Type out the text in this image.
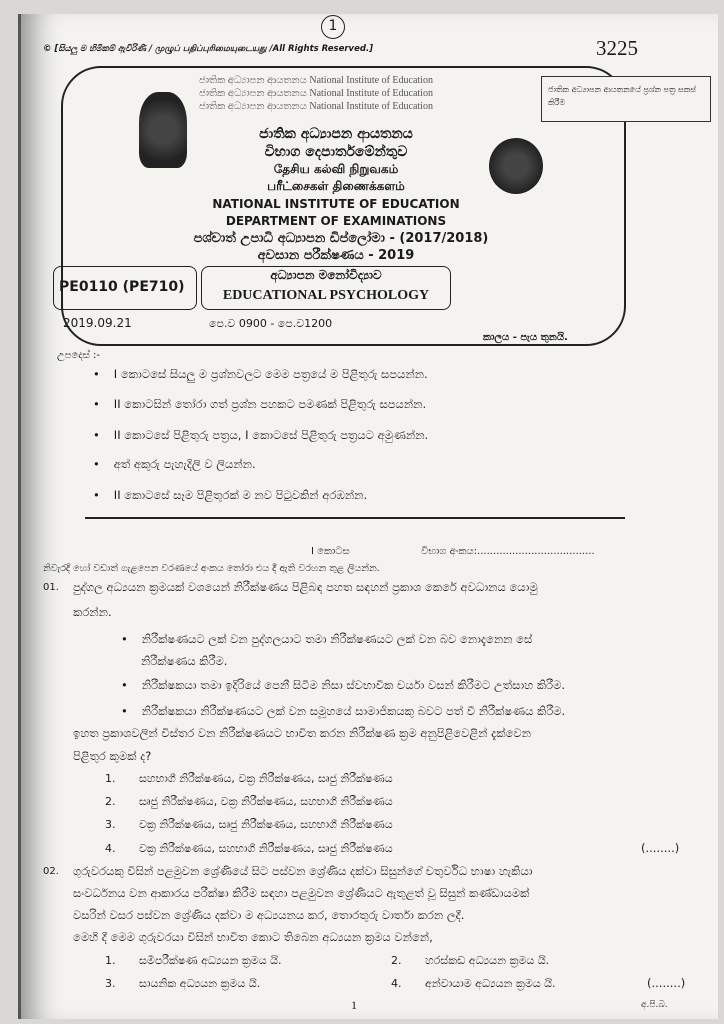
1
© [සියලු ම හිමිකම් ඇවිරිණි / முழுப் பதிப்புரிமையுடையது /All Rights Reserved.]	3225
ජාතික අධ්‍යාපන ආයතනයේ ප්‍රශ්න පත්‍ර සකස් කිරීම
ජාතික අධ්‍යාපන ආයතනය National Institute of Education
ජාතික අධ්‍යාපන ආයතනය National Institute of Education
ජාතික අධ්‍යාපන ආයතනය National Institute of Education
ජාතික අධ්‍යාපන ආයතනය
විභාග දෙපාර්තමේන්තුව
தேசிய கல்வி நிறுவகம்
பரீட்சைகள் திணைக்களம்
NATIONAL INSTITUTE OF EDUCATION
DEPARTMENT OF EXAMINATIONS
පශ්චාත් උපාධි අධ්‍යාපන ඩිප්ලෝමා - (2017/2018)
අවසාන පරීක්ෂණය - 2019
PE0110 (PE710)
අධ්‍යාපන මනෝවිද්‍යාව
EDUCATIONAL PSYCHOLOGY
2019.09.21	පෙ.ව 0900 - පෙ.ව1200
කාලය - පැය තුනයි.
උපදෙස් :-
• I කොටසේ සියලු ම ප්‍රශ්නවලට මෙම පත්‍රයේ ම පිළිතුරු සපයන්න.
• II කොටසින් තෝරා ගත් ප්‍රශ්න පහකට පමණක් පිළිතුරු සපයන්න.
• II කොටසේ පිළිතුරු පත්‍රය, I කොටසේ පිළිතුරු පත්‍රයට අමුණන්න.
• අත් අකුරු පැහැදිලි ව ලියන්න.
• II කොටසේ සෑම පිළිතුරක් ම නව පිටුවකින් අරඹන්න.
I කොටස	විභාග අංකය:.....................................
නිවැරදි හෝ වඩාත් ගැළපෙන වරණයේ අංකය තෝරා එය දී ඇති වරහන තුළ ලියන්න.
01. පුද්ගල අධ්‍යයන ක්‍රමයක් වශයෙන් නිරීක්ෂණය පිළිබඳ පහත සඳහන් ප්‍රකාශ කෙරේ අවධානය යොමු
කරන්න.
• නිරීක්ෂණයට ලක් වන පුද්ගලයාට තමා නිරීක්ෂණයට ලක් වන බව නොදැනෙන සේ
නිරීක්ෂණය කිරීම.
• නිරීක්ෂකයා තමා ඉදිරියේ පෙනී සිටීම නිසා ස්වභාවික චර්යා වසන් කිරීමට උත්සාහ කිරීම.
• නිරීක්ෂකයා නිරීක්ෂණයට ලක් වන සමූහයේ සාමාජිකයකු බවට පත් වී නිරීක්ෂණය කිරීම.
ඉහත ප්‍රකාශවලින් විස්තර වන නිරීක්ෂණයට භාවිත කරන නිරීක්ෂණ ක්‍රම අනුපිළිවෙළින් දැක්වෙන
පිළිතුර කුමක් ද?
1. සහභාගී නිරීක්ෂණය, වක්‍ර නිරීක්ෂණය, සෘජු නිරීක්ෂණය
2. සෘජු නිරීක්ෂණය, වක්‍ර නිරීක්ෂණය, සහභාගී නිරීක්ෂණය
3. වක්‍ර නිරීක්ෂණය, සෘජු නිරීක්ෂණය, සහභාගී නිරීක්ෂණය
4. වක්‍ර නිරීක්ෂණය, සහභාගී නිරීක්ෂණය, සෘජු නිරීක්ෂණය	(........)
02. ගුරුවරයකු විසින් පළමුවන ශ්‍රේණියේ සිට පස්වන ශ්‍රේණිය දක්වා සිසුන්ගේ චතුර්විධ භාෂා හැකියා
සංවර්ධනය වන ආකාරය පරීක්ෂා කිරීම සඳහා පළමුවන ශ්‍රේණියට ඇතුළත් වූ සිසුන් කණ්ඩායමක්
වසරින් වසර පස්වන ශ්‍රේණිය දක්වා ම අධ්‍යයනය කර, තොරතුරු වාර්තා කරන ලදී.
මෙහි දී මෙම ගුරුවරයා විසින් භාවිත කොට තිබෙන අධ්‍යයන ක්‍රමය වන්නේ,
1. සමීපරීක්ෂණ අධ්‍යයන ක්‍රමය යි.	2. හරස්කඩ අධ්‍යයන ක්‍රමය යි.
3. සායනික අධ්‍යයන ක්‍රමය යි.	4. අන්වායාම අධ්‍යයන ක්‍රමය යි.	(........)
1	අ.පි.බ.
